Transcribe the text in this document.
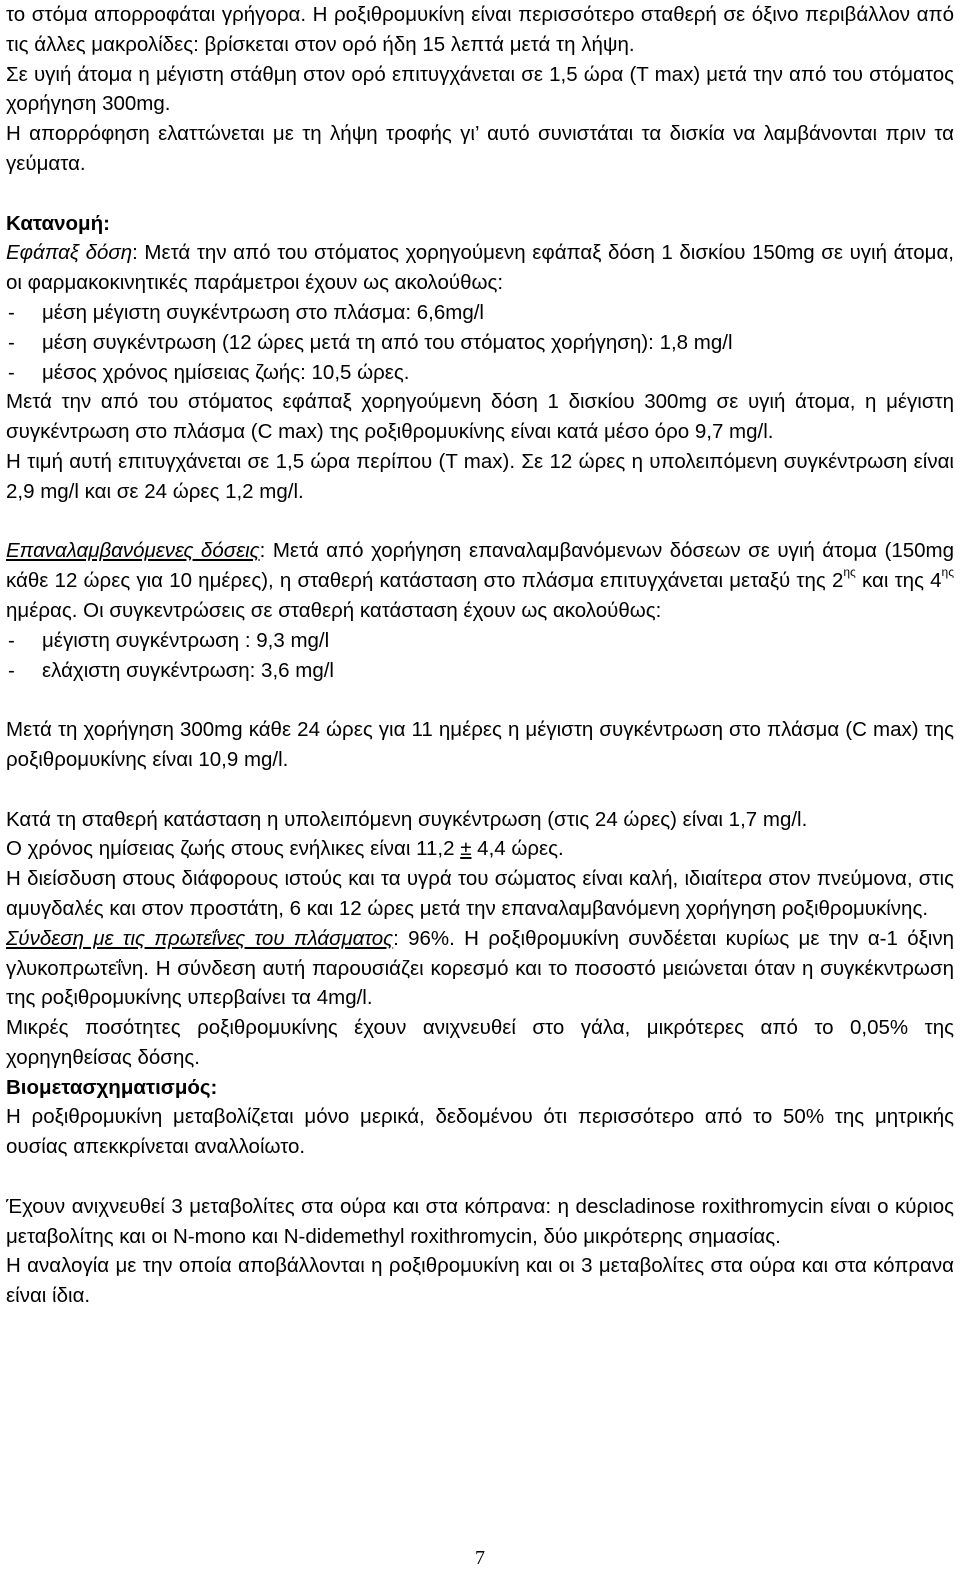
το στόμα απορροφάται γρήγορα. Η ροξιθρομυκίνη είναι περισσότερο σταθερή σε όξινο περιβάλλον από τις άλλες μακρολίδες: βρίσκεται στον ορό ήδη 15 λεπτά μετά τη λήψη.

Σε υγιή άτομα η μέγιστη στάθμη στον ορό επιτυγχάνεται σε 1,5 ώρα (T max) μετά την από του στόματος χορήγηση 300mg.

Η απορρόφηση ελαττώνεται με τη λήψη τροφής γι’ αυτό συνιστάται τα δισκία να λαμβάνονται πριν τα γεύματα.

Κατανομή:

Εφάπαξ δόση: Μετά την από του στόματος χορηγούμενη εφάπαξ δόση 1 δισκίου 150mg σε υγιή άτομα, οι φαρμακοκινητικές παράμετροι έχουν ως ακολούθως:

-	μέση μέγιστη συγκέντρωση στο πλάσμα: 6,6mg/l
-	μέση συγκέντρωση (12 ώρες μετά τη από του στόματος χορήγηση): 1,8 mg/l
-	μέσος χρόνος ημίσειας ζωής: 10,5 ώρες.

Μετά την από του στόματος εφάπαξ χορηγούμενη δόση 1 δισκίου 300mg σε υγιή άτομα, η μέγιστη συγκέντρωση στο πλάσμα (C max) της ροξιθρομυκίνης είναι κατά μέσο όρο 9,7 mg/l.

Η τιμή αυτή επιτυγχάνεται σε 1,5 ώρα περίπου (T max). Σε 12 ώρες η υπολειπόμενη συγκέντρωση είναι 2,9 mg/l και σε 24 ώρες 1,2 mg/l.

Επαναλαμβανόμενες δόσεις: Μετά από χορήγηση επαναλαμβανόμενων δόσεων σε υγιή άτομα (150mg κάθε 12 ώρες για 10 ημέρες), η σταθερή κατάσταση στο πλάσμα επιτυγχάνεται μεταξύ της $2^{\eta\varsigma}$ και της $4^{\eta\varsigma}$ ημέρας. Οι συγκεντρώσεις σε σταθερή κατάσταση έχουν ως ακολούθως:

-	μέγιστη συγκέντρωση : 9,3 mg/l
-	ελάχιστη συγκέντρωση: 3,6 mg/l

Μετά τη χορήγηση 300mg κάθε 24 ώρες για 11 ημέρες η μέγιστη συγκέντρωση στο πλάσμα (C max) της ροξιθρομυκίνης είναι 10,9 mg/l.

Κατά τη σταθερή κατάσταση η υπολειπόμενη συγκέντρωση (στις 24 ώρες) είναι 1,7 mg/l.

Ο χρόνος ημίσειας ζωής στους ενήλικες είναι 11,2 ± 4,4 ώρες.

Η διείσδυση στους διάφορους ιστούς και τα υγρά του σώματος είναι καλή, ιδιαίτερα στον πνεύμονα, στις αμυγδαλές και στον προστάτη, 6 και 12 ώρες μετά την επαναλαμβανόμενη χορήγηση ροξιθρομυκίνης.

Σύνδεση με τις πρωτεΐνες του πλάσματος: 96%. Η ροξιθρομυκίνη συνδέεται κυρίως με την α-1 όξινη γλυκοπρωτεΐνη. Η σύνδεση αυτή παρουσιάζει κορεσμό και το ποσοστό μειώνεται όταν η συγκέκντρωση της ροξιθρομυκίνης υπερβαίνει τα 4mg/l.

Μικρές ποσότητες ροξιθρομυκίνης έχουν ανιχνευθεί στο γάλα, μικρότερες από το 0,05% της χορηγηθείσας δόσης.

Βιομετασχηματισμός:

Η ροξιθρομυκίνη μεταβολίζεται μόνο μερικά, δεδομένου ότι περισσότερο από το 50% της μητρικής ουσίας απεκκρίνεται αναλλοίωτο.

Έχουν ανιχνευθεί 3 μεταβολίτες στα ούρα και στα κόπρανα: η descladinose roxithromycin είναι ο κύριος μεταβολίτης και οι N-mono και N-didemethyl roxithromycin, δύο μικρότερης σημασίας.

Η αναλογία με την οποία αποβάλλονται η ροξιθρομυκίνη και οι 3 μεταβολίτες στα ούρα και στα κόπρανα είναι ίδια.

7
